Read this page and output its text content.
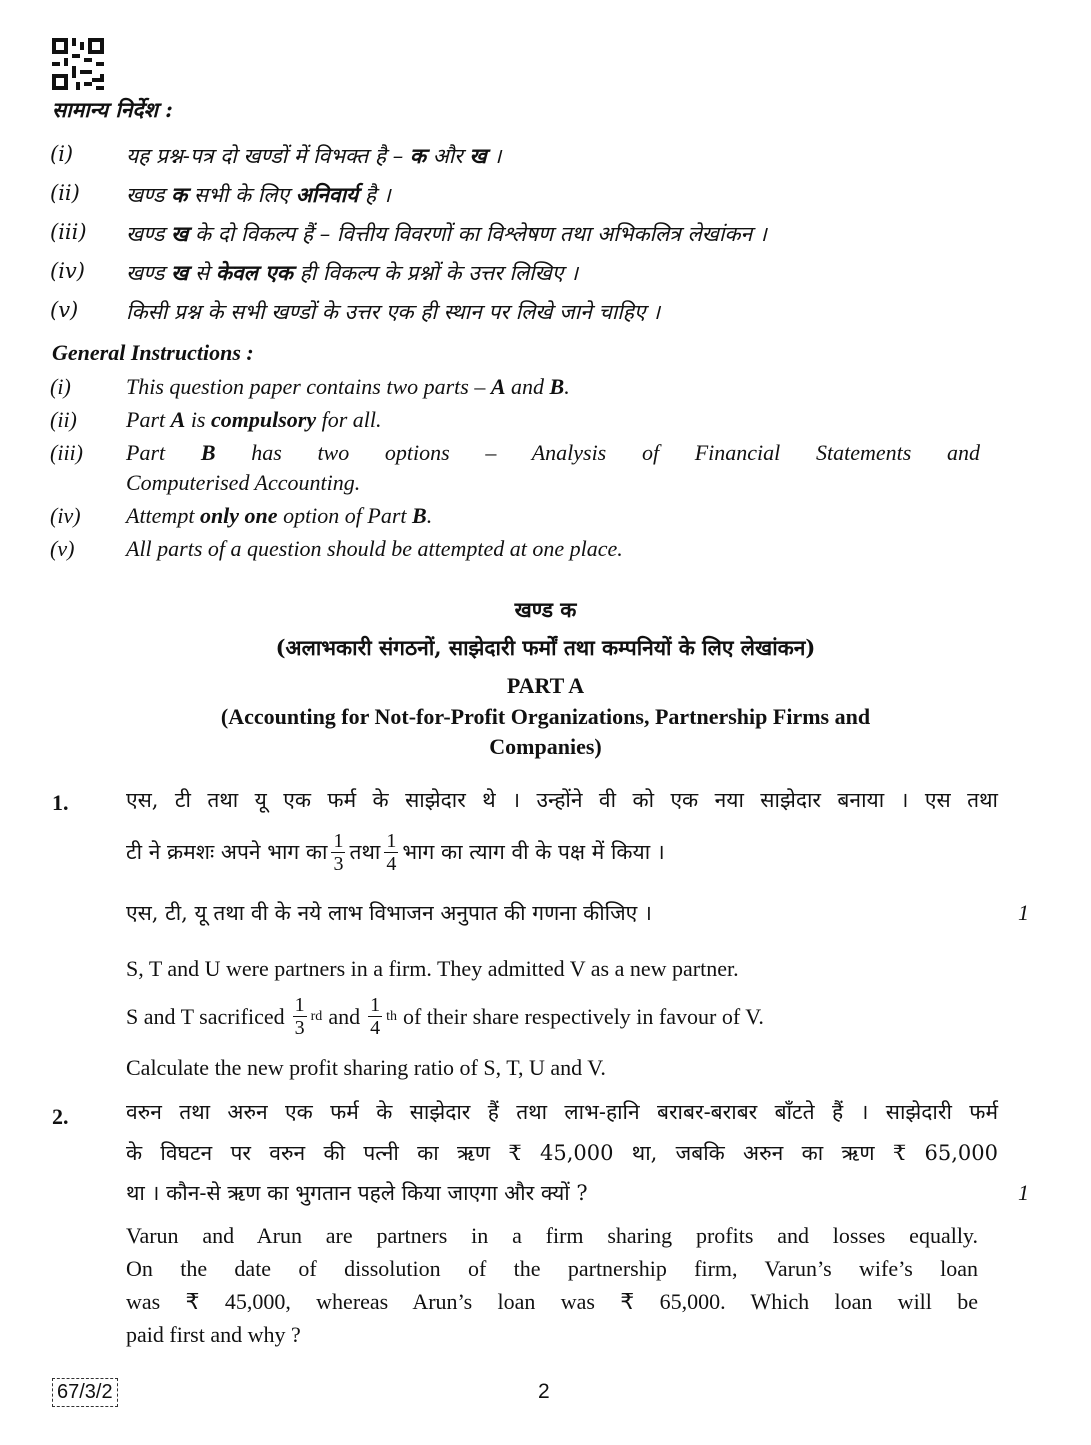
सामान्य निर्देश :
(i)	यह प्रश्न-पत्र दो खण्डों में विभक्त है – क और ख ।
(ii)	खण्ड क सभी के लिए अनिवार्य है ।
(iii)	खण्ड ख के दो विकल्प हैं – वित्तीय विवरणों का विश्लेषण तथा अभिकलित्र लेखांकन ।
(iv)	खण्ड ख से केवल एक ही विकल्प के प्रश्नों के उत्तर लिखिए ।
(v)	किसी प्रश्न के सभी खण्डों के उत्तर एक ही स्थान पर लिखे जाने चाहिए ।
General Instructions :
(i)	This question paper contains two parts – A and B.
(ii)	Part A is compulsory for all.
(iii)	Part B has two options – Analysis of Financial Statements and
Computerised Accounting.
(iv)	Attempt only one option of Part B.
(v)	All parts of a question should be attempted at one place.
खण्ड क
(अलाभकारी संगठनों, साझेदारी फर्मों तथा कम्पनियों के लिए लेखांकन)
PART A
(Accounting for Not-for-Profit Organizations, Partnership Firms and
Companies)
1.	एस, टी तथा यू एक फर्म के साझेदार थे । उन्होंने वी को एक नया साझेदार बनाया । एस तथा
टी ने क्रमशः अपने भाग का $\frac{1}{3}$ तथा $\frac{1}{4}$ भाग का त्याग वी के पक्ष में किया ।
एस, टी, यू तथा वी के नये लाभ विभाजन अनुपात की गणना कीजिए ।	1
S, T and U were partners in a firm. They admitted V as a new partner.
S and T sacrificed $\frac{1}{3}$ rd and $\frac{1}{4}$ th of their share respectively in favour of V.
Calculate the new profit sharing ratio of S, T, U and V.
2.	वरुन तथा अरुन एक फर्म के साझेदार हैं तथा लाभ-हानि बराबर-बराबर बाँटते हैं । साझेदारी फर्म
के विघटन पर वरुन की पत्नी का ऋण ₹ 45,000 था, जबकि अरुन का ऋण ₹ 65,000
था । कौन-से ऋण का भुगतान पहले किया जाएगा और क्यों ?	1
Varun and Arun are partners in a firm sharing profits and losses equally.
On the date of dissolution of the partnership firm, Varun’s wife’s loan
was ₹ 45,000, whereas Arun’s loan was ₹ 65,000. Which loan will be
paid first and why ?
67/3/2	2
